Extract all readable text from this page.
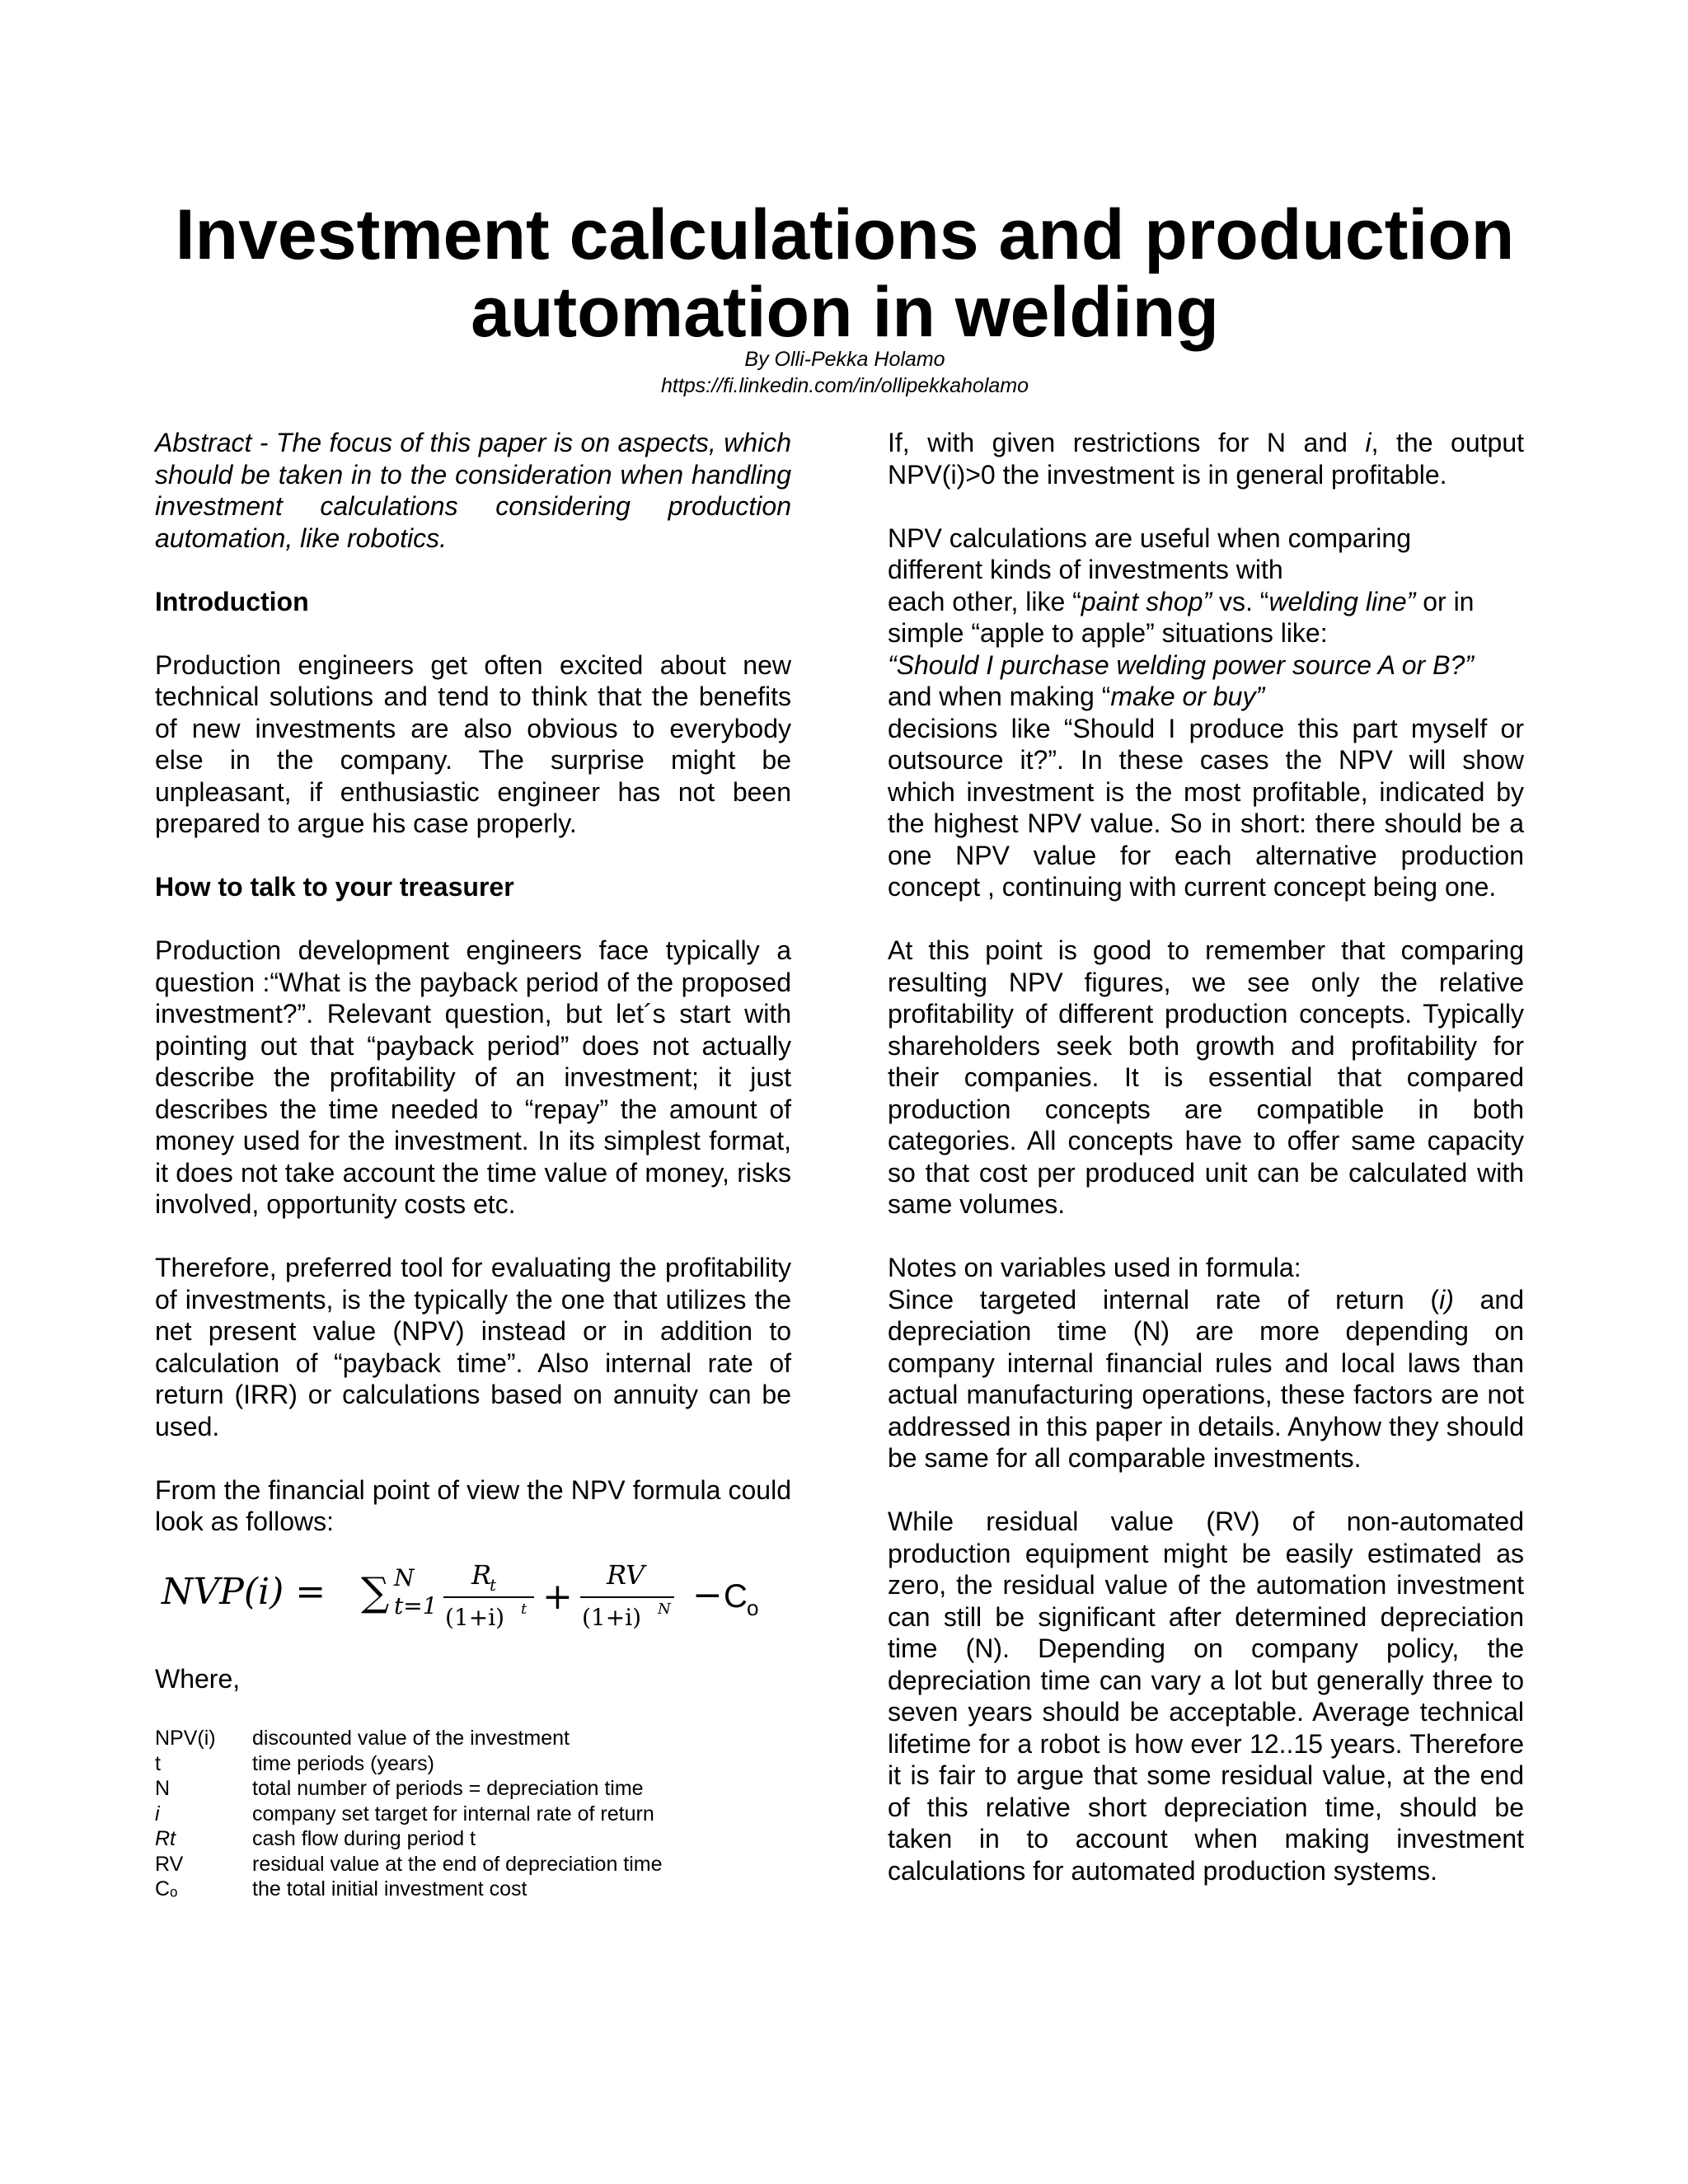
Investment calculations and production
automation in welding
By Olli-Pekka Holamo
https://fi.linkedin.com/in/ollipekkaholamo

Abstract - The focus of this paper is on aspects, which should be taken in to the consideration when handling investment calculations considering production automation, like robotics.

Introduction

Production engineers get often excited about new technical solutions and tend to think that the benefits of new investments are also obvious to everybody else in the company. The surprise might be unpleasant, if enthusiastic engineer has not been prepared to argue his case properly.

How to talk to your treasurer

Production development engineers face typically a question :“What is the payback period of the proposed investment?”. Relevant question, but let´s start with pointing out that “payback period” does not actually describe the profitability of an investment; it just describes the time needed to “repay” the amount of money used for the investment. In its simplest format, it does not take account the time value of money, risks involved, opportunity costs etc.

Therefore, preferred tool for evaluating the profitability of investments, is the typically the one that utilizes the net present value (NPV) instead or in addition to calculation of “payback time”. Also internal rate of return (IRR) or calculations based on annuity can be used.

From the financial point of view the NPV formula could look as follows:

NVP(i) = ∑ N
t=1
R
t
(1+i) t +
RV
(1+i) N − C o

Where,

NPV(i)	discounted value of the investment
t	time periods (years)
N	total number of periods = depreciation time
i	company set target for internal rate of return
Rt	cash flow during period t
RV	residual value at the end of depreciation time
Cₒ	the total initial investment cost

If, with given restrictions for N and i, the output NPV(i)>0 the investment is in general profitable.

NPV calculations are useful when comparing
different kinds of investments with
each other, like “paint shop” vs. “welding line” or in
simple “apple to apple” situations like:
“Should I purchase welding power source A or B?”
and when making “make or buy”
decisions like “Should I produce this part myself or outsource it?”. In these cases the NPV will show which investment is the most profitable, indicated by the highest NPV value. So in short: there should be a one NPV value for each alternative production concept , continuing with current concept being one.

At this point is good to remember that comparing resulting NPV figures, we see only the relative profitability of different production concepts. Typically shareholders seek both growth and profitability for their companies. It is essential that compared production concepts are compatible in both categories. All concepts have to offer same capacity so that cost per produced unit can be calculated with same volumes.

Notes on variables used in formula:
Since targeted internal rate of return (i) and depreciation time (N) are more depending on company internal financial rules and local laws than actual manufacturing operations, these factors are not addressed in this paper in details. Anyhow they should be same for all comparable investments.

While residual value (RV) of non-automated production equipment might be easily estimated as zero, the residual value of the automation investment can still be significant after determined depreciation time (N). Depending on company policy, the depreciation time can vary a lot but generally three to seven years should be acceptable. Average technical lifetime for a robot is how ever 12..15 years. Therefore it is fair to argue that some residual value, at the end of this relative short depreciation time, should be taken in to account when making investment calculations for automated production systems.
